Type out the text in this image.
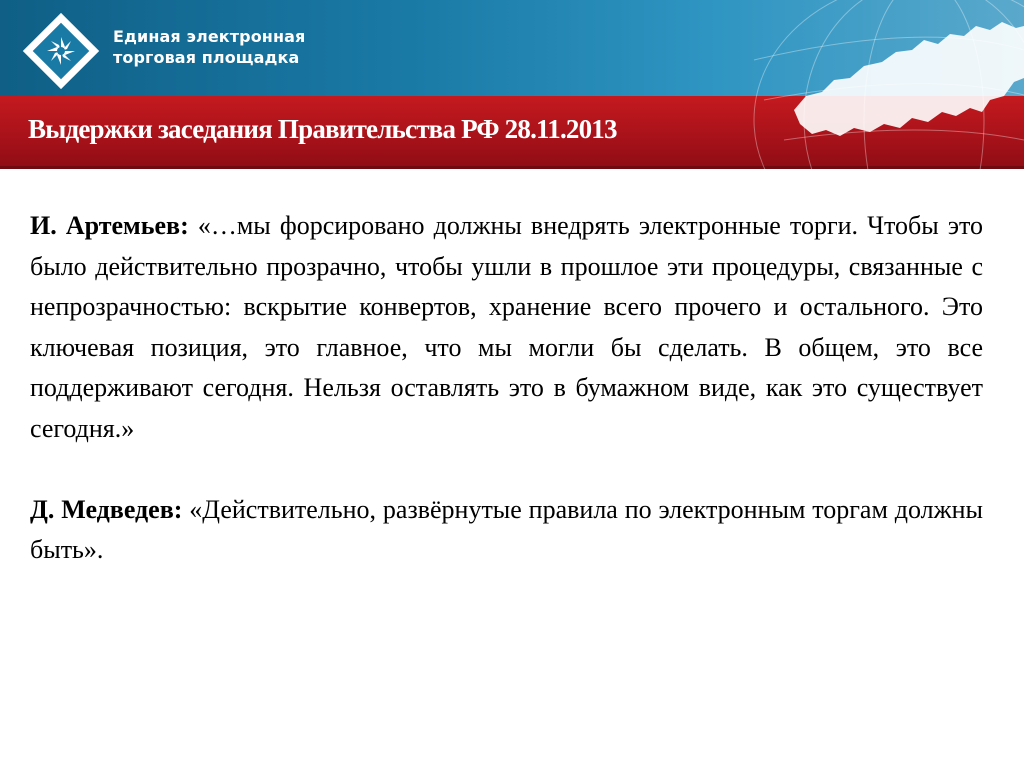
Единая электронная
торговая площадка
Выдержки заседания Правительства РФ 28.11.2013

И. Артемьев: «…мы форсировано должны внедрять электронные торги. Чтобы это было действительно прозрачно, чтобы ушли в прошлое эти процедуры, связанные с непрозрачностью: вскрытие конвертов, хранение всего прочего и остального. Это ключевая позиция, это главное, что мы могли бы сделать. В общем, это все поддерживают сегодня. Нельзя оставлять это в бумажном виде, как это существует сегодня.»

Д. Медведев: «Действительно, развёрнутые правила по электронным торгам должны быть».
